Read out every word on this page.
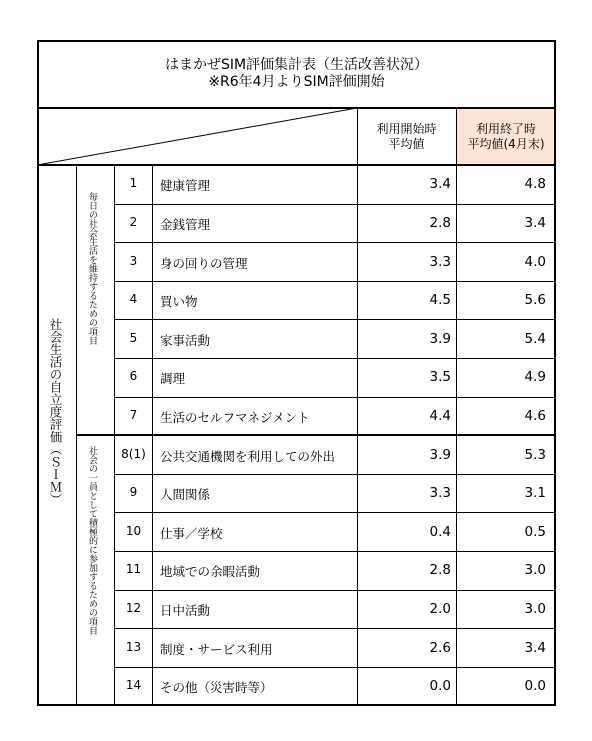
はまかぜSIM評価集計表（生活改善状況）
※R6年4月よりSIM評価開始
利用開始時
平均値
利用終了時
平均値(4月末)
社会生活の自立度評価（ＳＩＭ）
毎日の社会生活を維持するための項目
社会の一員として積極的に参加するための項目
1	健康管理	3.4	4.8
2	金銭管理	2.8	3.4
3	身の回りの管理	3.3	4.0
4	買い物	4.5	5.6
5	家事活動	3.9	5.4
6	調理	3.5	4.9
7	生活のセルフマネジメント	4.4	4.6
8(1)	公共交通機関を利用しての外出	3.9	5.3
9	人間関係	3.3	3.1
10	仕事／学校	0.4	0.5
11	地域での余暇活動	2.8	3.0
12	日中活動	2.0	3.0
13	制度・サービス利用	2.6	3.4
14	その他（災害時等）	0.0	0.0
